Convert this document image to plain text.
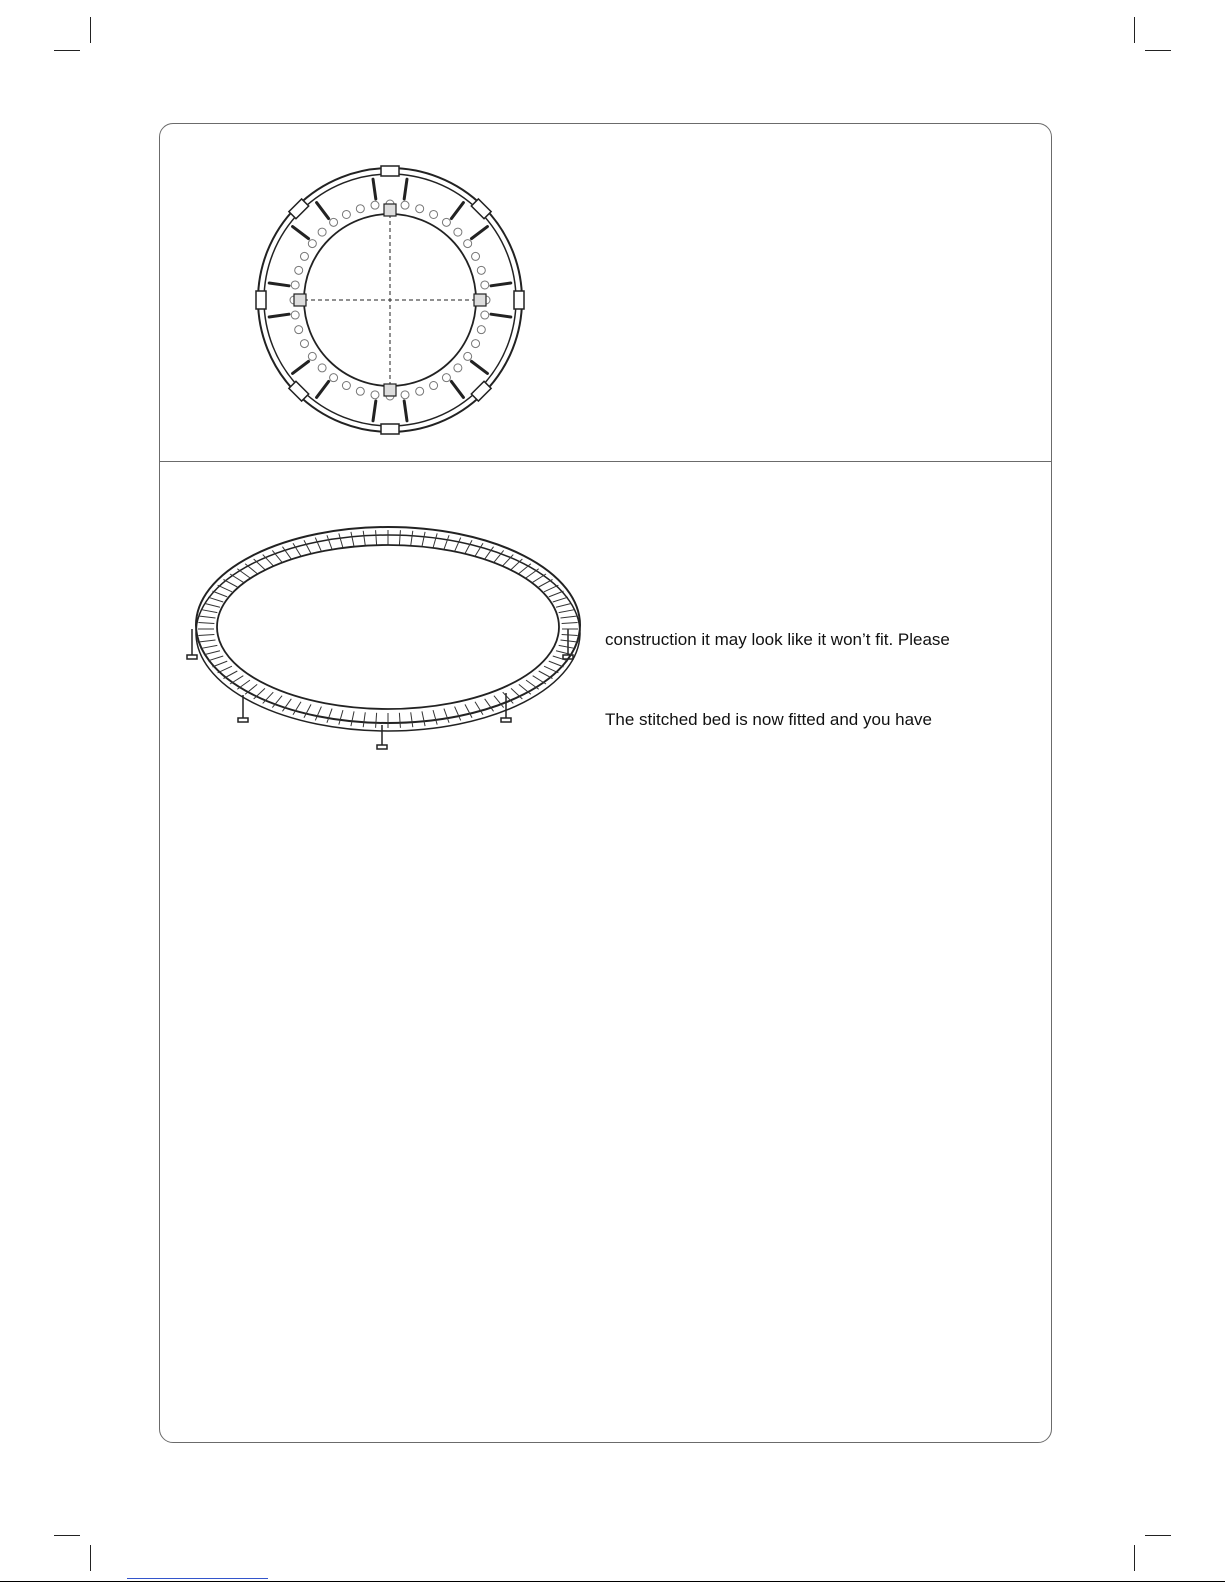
construction it may look like it won’t fit. Please
The stitched bed is now fitted and you have
